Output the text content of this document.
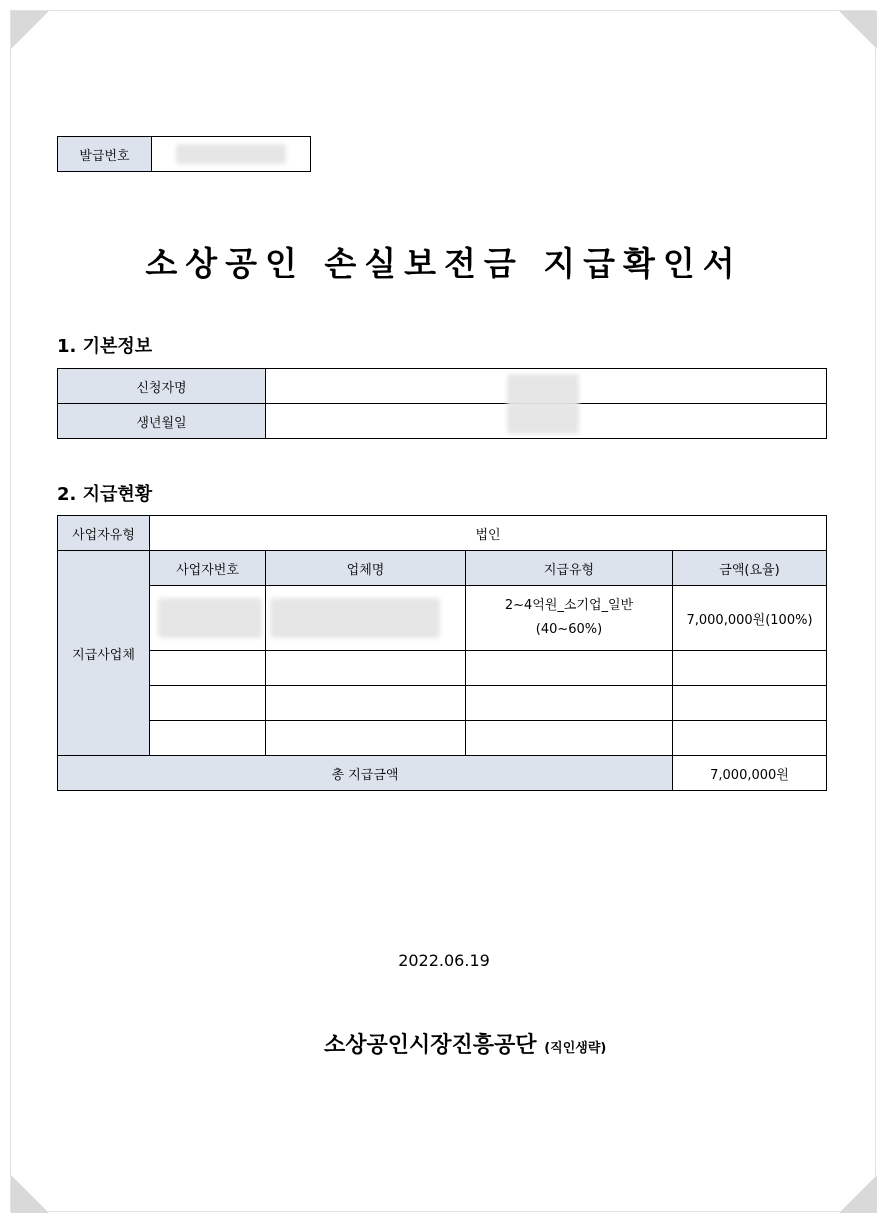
발급번호
소상공인 손실보전금 지급확인서
1. 기본정보
신청자명	

생년월일	
2. 지급현황
사업자유형	법인			
지급사업체	사업자번호	업체명	지급유형	금액(요율)

		2~4억원_소기업_일반(40~60%)	7,000,000원(100%)

총 지급금액				7,000,000원
2022.06.19
소상공인시장진흥공단 (직인생략)
